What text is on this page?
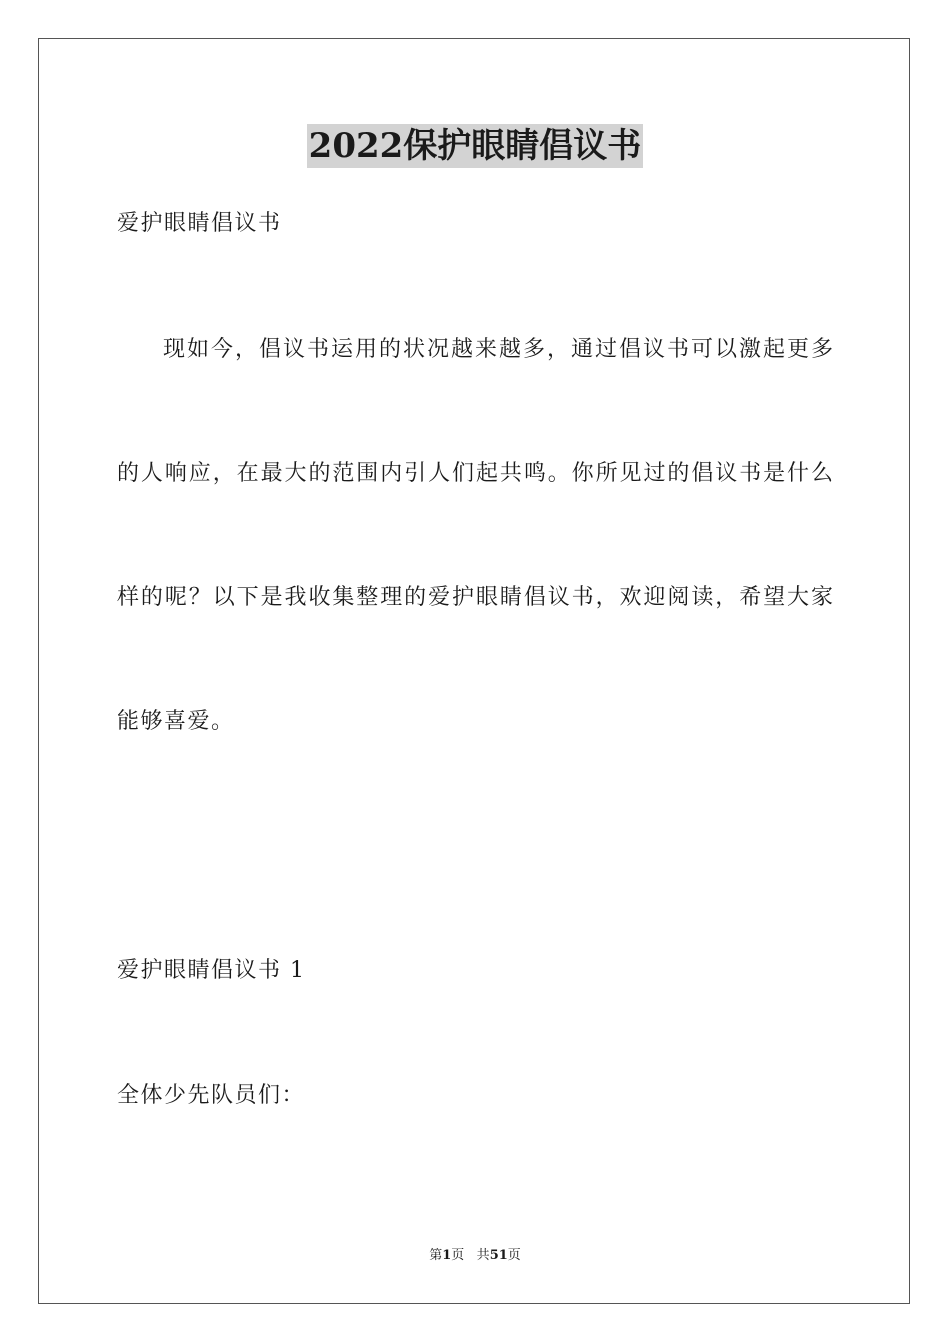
2022保护眼睛倡议书
爱护眼睛倡议书
现如今，倡议书运用的状况越来越多，通过倡议书可以激起更多
的人响应，在最大的范围内引人们起共鸣。你所见过的倡议书是什么
样的呢？以下是我收集整理的爱护眼睛倡议书，欢迎阅读，希望大家
能够喜爱。
爱护眼睛倡议书 1
全体少先队员们：
第1页 共51页
